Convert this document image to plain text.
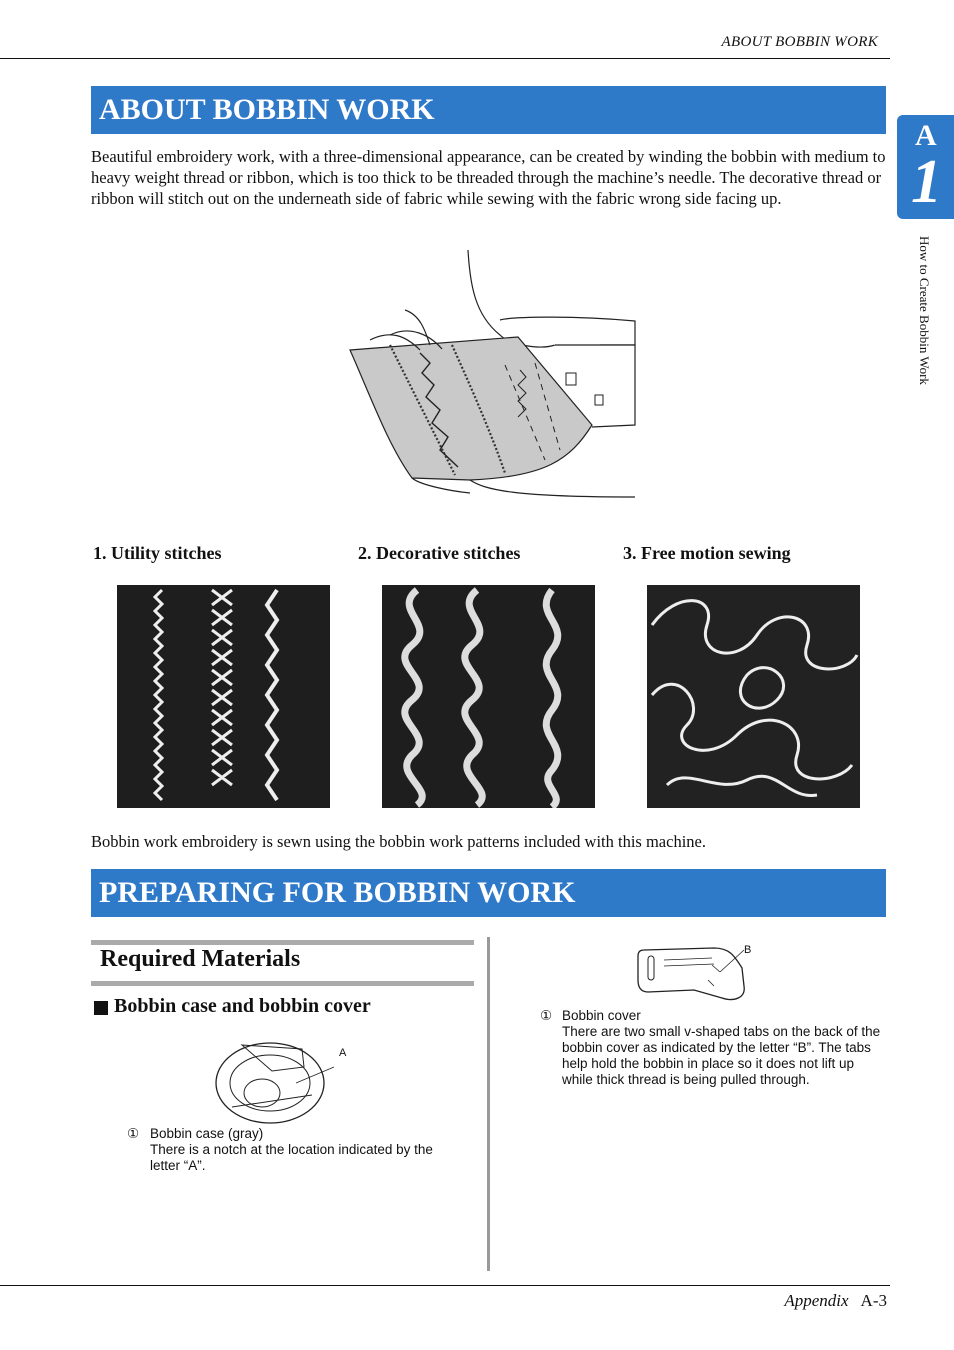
ABOUT BOBBIN WORK
A
1
How to Create Bobbin Work
ABOUT BOBBIN WORK
Beautiful embroidery work, with a three-dimensional appearance, can be created by winding the bobbin with medium to heavy weight thread or ribbon, which is too thick to be threaded through the machine’s needle. The decorative thread or ribbon will stitch out on the underneath side of fabric while sewing with the fabric wrong side facing up.
1. Utility stitches	2. Decorative stitches	3. Free motion sewing
Bobbin work embroidery is sewn using the bobbin work patterns included with this machine.
PREPARING FOR BOBBIN WORK
Required Materials
Bobbin case and bobbin cover
A
① Bobbin case (gray)
There is a notch at the location indicated by the letter “A”.
B
① Bobbin cover
There are two small v-shaped tabs on the back of the bobbin cover as indicated by the letter “B”. The tabs help hold the bobbin in place so it does not lift up while thick thread is being pulled through.
Appendix A-3
